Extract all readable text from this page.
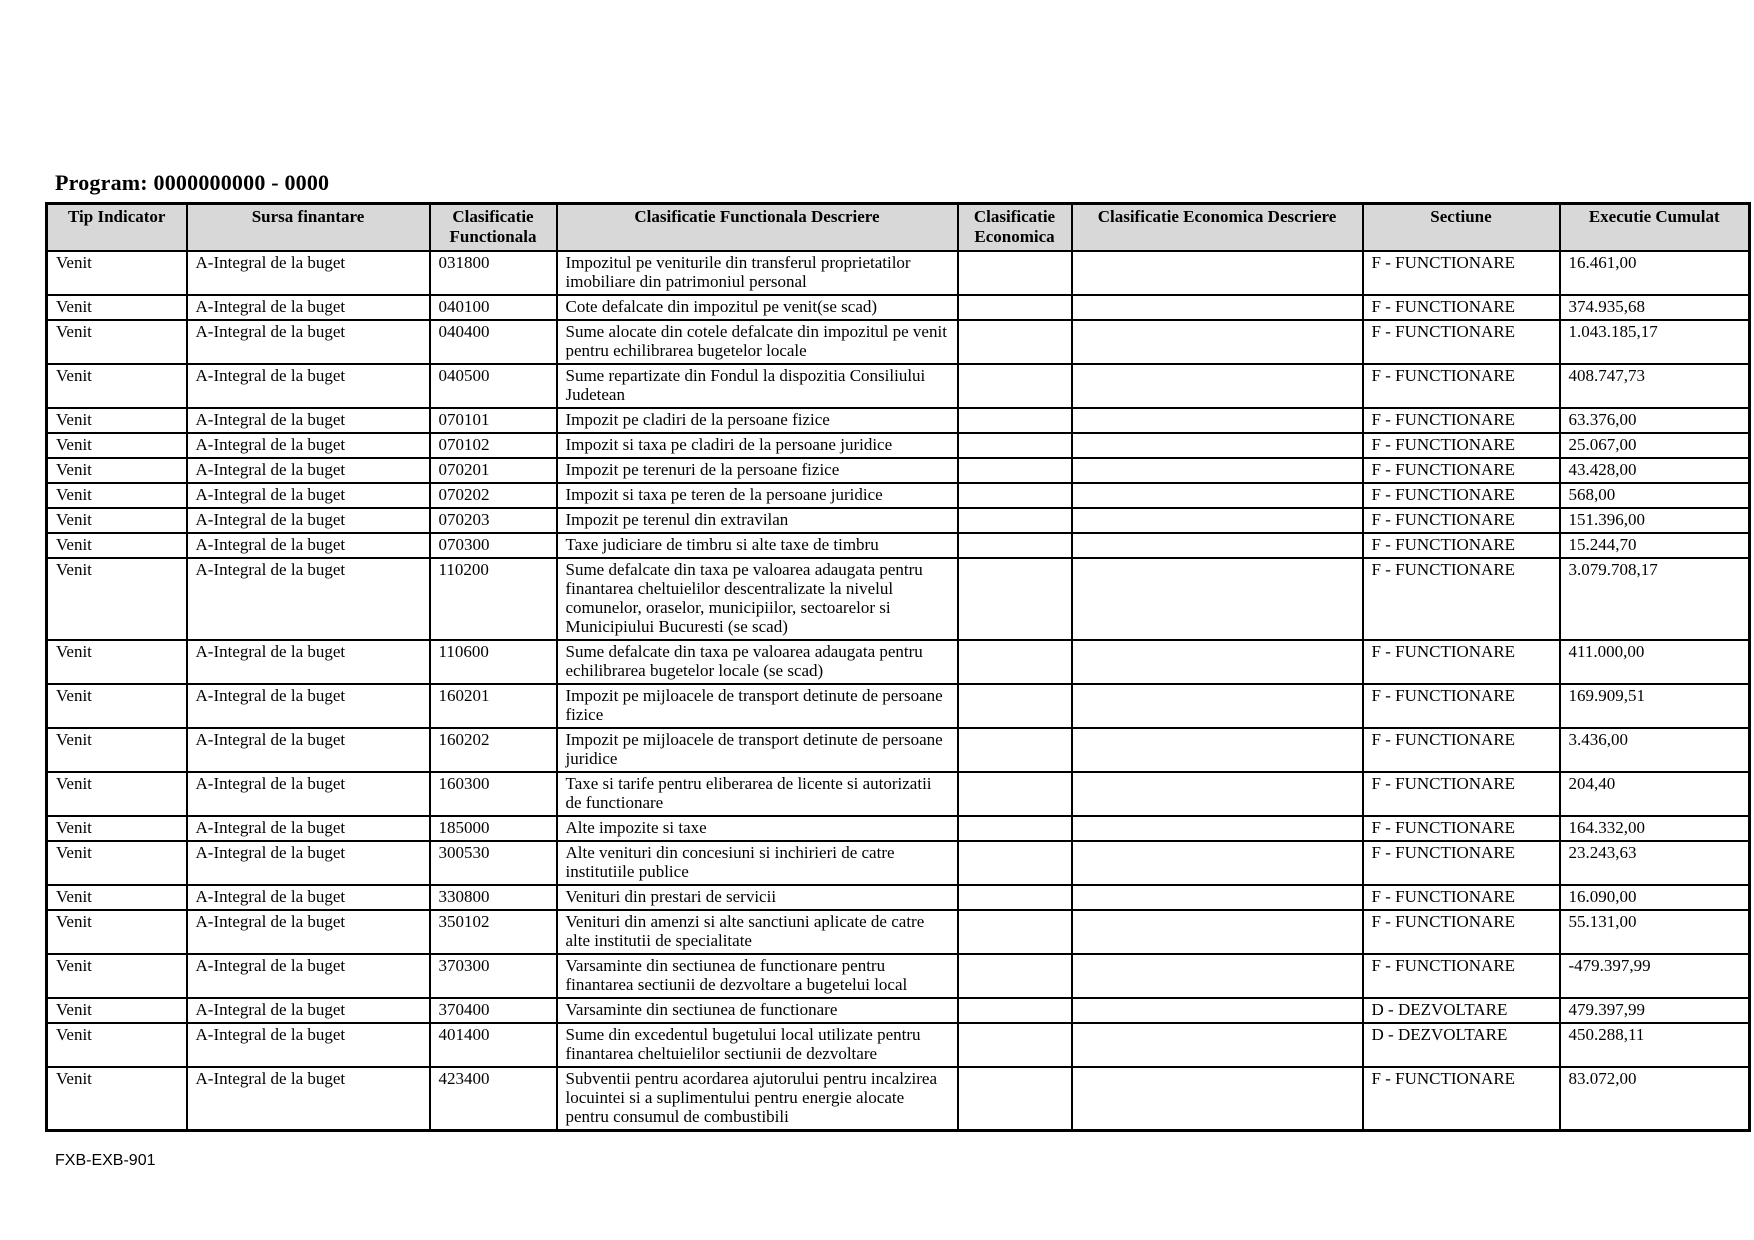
Program: 0000000000 - 0000
Tip Indicator	Sursa finantare	Clasificatie Functionala	Clasificatie Functionala Descriere	Clasificatie Economica	Clasificatie Economica Descriere	Sectiune	Executie Cumulat
Venit	A-Integral de la buget	031800	Impozitul pe veniturile din transferul proprietatilor imobiliare din patrimoniul personal			F - FUNCTIONARE	16.461,00
Venit	A-Integral de la buget	040100	Cote defalcate din impozitul pe venit(se scad)			F - FUNCTIONARE	374.935,68
Venit	A-Integral de la buget	040400	Sume alocate din cotele defalcate din impozitul pe venit pentru echilibrarea bugetelor locale			F - FUNCTIONARE	1.043.185,17
Venit	A-Integral de la buget	040500	Sume repartizate din Fondul la dispozitia Consiliului Judetean			F - FUNCTIONARE	408.747,73
Venit	A-Integral de la buget	070101	Impozit pe cladiri de la persoane fizice			F - FUNCTIONARE	63.376,00
Venit	A-Integral de la buget	070102	Impozit si taxa pe cladiri de la persoane juridice			F - FUNCTIONARE	25.067,00
Venit	A-Integral de la buget	070201	Impozit pe terenuri de la persoane fizice			F - FUNCTIONARE	43.428,00
Venit	A-Integral de la buget	070202	Impozit si taxa pe teren de la persoane juridice			F - FUNCTIONARE	568,00
Venit	A-Integral de la buget	070203	Impozit pe terenul din extravilan			F - FUNCTIONARE	151.396,00
Venit	A-Integral de la buget	070300	Taxe judiciare de timbru si alte taxe de timbru			F - FUNCTIONARE	15.244,70
Venit	A-Integral de la buget	110200	Sume defalcate din taxa pe valoarea adaugata pentru finantarea cheltuielilor descentralizate la nivelul comunelor, oraselor, municipiilor, sectoarelor si Municipiului Bucuresti (se scad)			F - FUNCTIONARE	3.079.708,17
Venit	A-Integral de la buget	110600	Sume defalcate din taxa pe valoarea adaugata pentru echilibrarea bugetelor locale (se scad)			F - FUNCTIONARE	411.000,00
Venit	A-Integral de la buget	160201	Impozit pe mijloacele de transport detinute de persoane fizice			F - FUNCTIONARE	169.909,51
Venit	A-Integral de la buget	160202	Impozit pe mijloacele de transport detinute de persoane juridice			F - FUNCTIONARE	3.436,00
Venit	A-Integral de la buget	160300	Taxe si tarife pentru eliberarea de licente si autorizatii de functionare			F - FUNCTIONARE	204,40
Venit	A-Integral de la buget	185000	Alte impozite si taxe			F - FUNCTIONARE	164.332,00
Venit	A-Integral de la buget	300530	Alte venituri din concesiuni si inchirieri de catre institutiile publice			F - FUNCTIONARE	23.243,63
Venit	A-Integral de la buget	330800	Venituri din prestari de servicii			F - FUNCTIONARE	16.090,00
Venit	A-Integral de la buget	350102	Venituri din amenzi si alte sanctiuni aplicate de catre alte institutii de specialitate			F - FUNCTIONARE	55.131,00
Venit	A-Integral de la buget	370300	Varsaminte din sectiunea de functionare pentru finantarea sectiunii de dezvoltare a bugetelui local			F - FUNCTIONARE	-479.397,99
Venit	A-Integral de la buget	370400	Varsaminte din sectiunea de functionare			D - DEZVOLTARE	479.397,99
Venit	A-Integral de la buget	401400	Sume din excedentul bugetului local utilizate pentru finantarea cheltuielilor sectiunii de dezvoltare			D - DEZVOLTARE	450.288,11
Venit	A-Integral de la buget	423400	Subventii pentru acordarea ajutorului pentru incalzirea locuintei si a suplimentului pentru energie alocate pentru consumul de combustibili			F - FUNCTIONARE	83.072,00
FXB-EXB-901
